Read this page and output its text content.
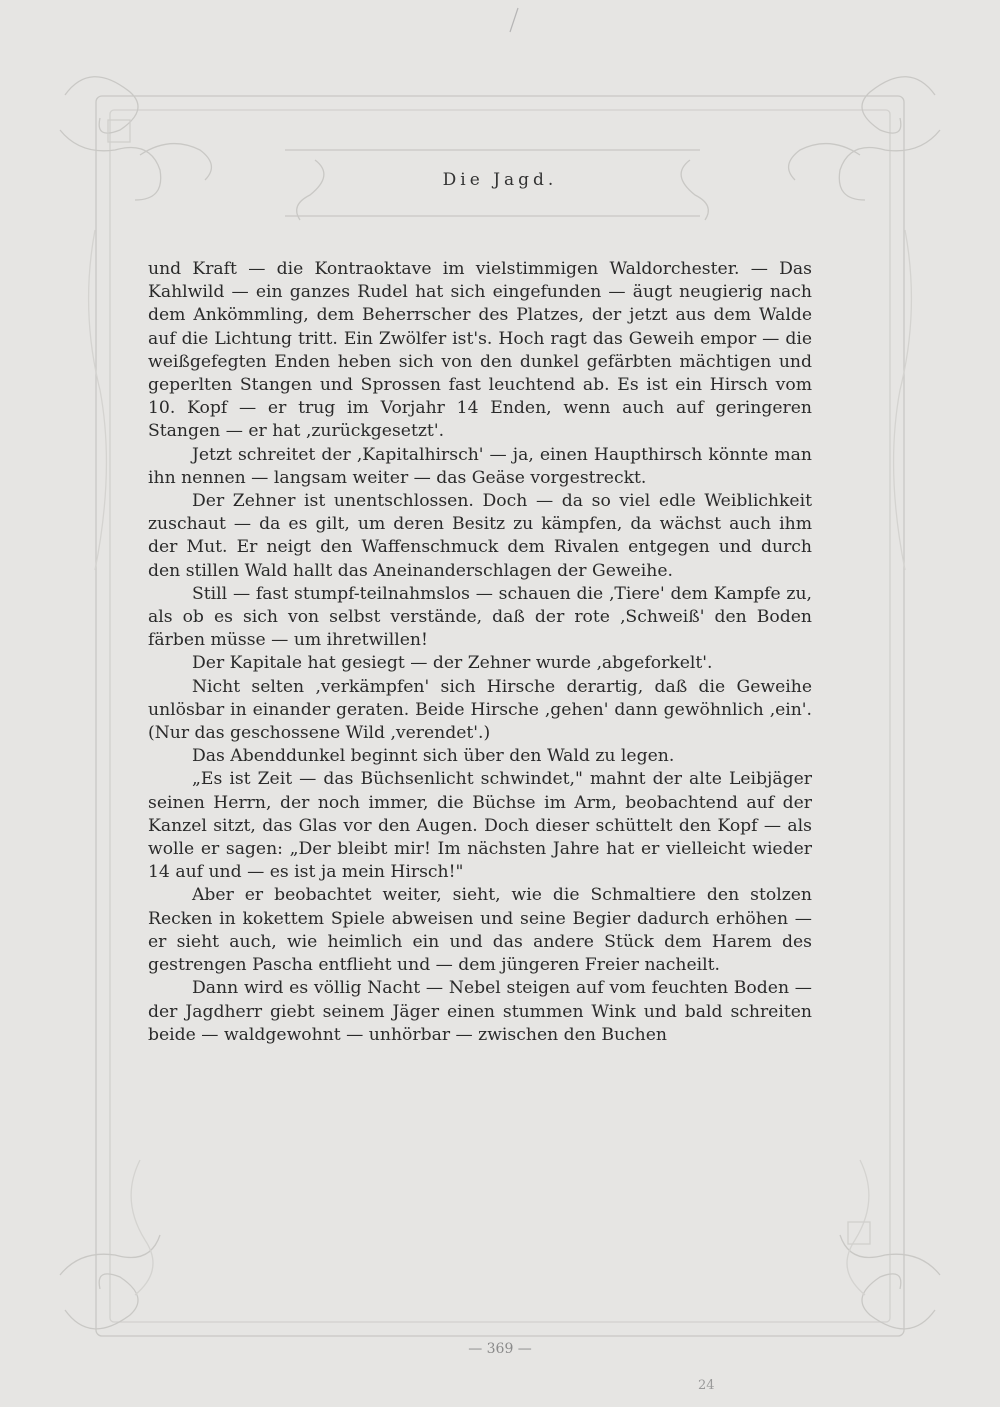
Die Jagd.

und Kraft — die Kontraoktave im vielstimmigen Waldorchester. — Das Kahlwild — ein ganzes Rudel hat sich eingefunden — äugt neugierig nach dem Ankömmling, dem Beherrscher des Platzes, der jetzt aus dem Walde auf die Lichtung tritt. Ein Zwölfer ist's. Hoch ragt das Geweih empor — die weißgefegten Enden heben sich von den dunkel gefärbten mächtigen und geperlten Stangen und Sprossen fast leuchtend ab. Es ist ein Hirsch vom 10. Kopf — er trug im Vorjahr 14 Enden, wenn auch auf geringeren Stangen — er hat ‚zurückgesetzt'.

Jetzt schreitet der ‚Kapitalhirsch' — ja, einen Haupthirsch könnte man ihn nennen — langsam weiter — das Geäse vorgestreckt.

Der Zehner ist unentschlossen. Doch — da so viel edle Weiblichkeit zuschaut — da es gilt, um deren Besitz zu kämpfen, da wächst auch ihm der Mut. Er neigt den Waffenschmuck dem Rivalen entgegen und durch den stillen Wald hallt das Aneinanderschlagen der Geweihe.

Still — fast stumpf-teilnahmslos — schauen die ‚Tiere' dem Kampfe zu, als ob es sich von selbst verstände, daß der rote ‚Schweiß' den Boden färben müsse — um ihretwillen!

Der Kapitale hat gesiegt — der Zehner wurde ‚abgeforkelt'.

Nicht selten ‚verkämpfen' sich Hirsche derartig, daß die Geweihe unlösbar in einander geraten. Beide Hirsche ‚gehen' dann gewöhnlich ‚ein'. (Nur das geschossene Wild ‚verendet'.)

Das Abenddunkel beginnt sich über den Wald zu legen.

„Es ist Zeit — das Büchsenlicht schwindet," mahnt der alte Leibjäger seinen Herrn, der noch immer, die Büchse im Arm, beobachtend auf der Kanzel sitzt, das Glas vor den Augen. Doch dieser schüttelt den Kopf — als wolle er sagen: „Der bleibt mir! Im nächsten Jahre hat er vielleicht wieder 14 auf und — es ist ja mein Hirsch!"

Aber er beobachtet weiter, sieht, wie die Schmaltiere den stolzen Recken in kokettem Spiele abweisen und seine Begier dadurch erhöhen — er sieht auch, wie heimlich ein und das andere Stück dem Harem des gestrengen Pascha entflieht und — dem jüngeren Freier nacheilt.

Dann wird es völlig Nacht — Nebel steigen auf vom feuchten Boden — der Jagdherr giebt seinem Jäger einen stummen Wink und bald schreiten beide — waldgewohnt — unhörbar — zwischen den Buchen

— 369 —
24
